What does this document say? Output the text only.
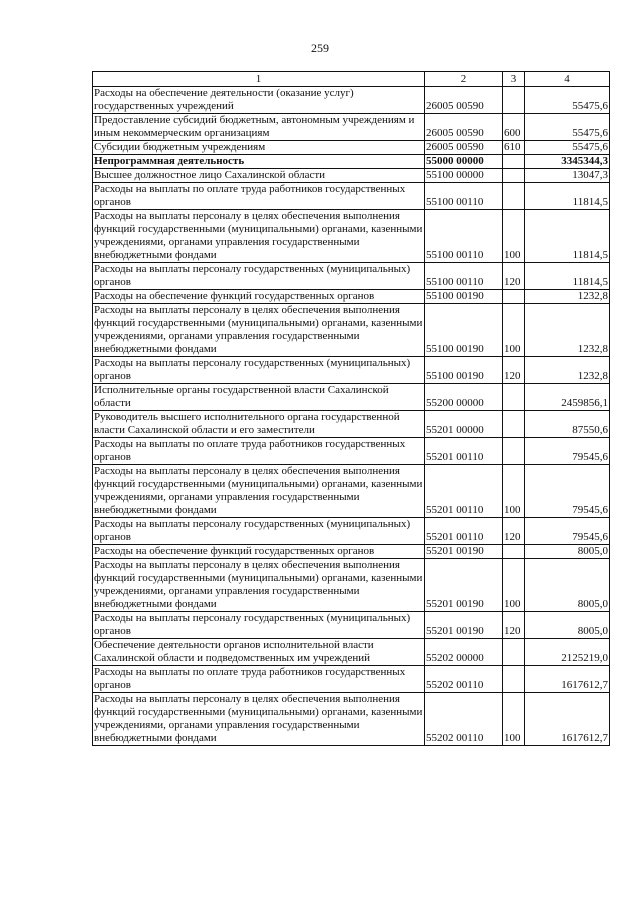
259
1	2	3	4
Расходы на обеспечение деятельности (оказание услуг) государственных учреждений	26005 00590		55475,6
Предоставление субсидий бюджетным, автономным учреждениям и иным некоммерческим организациям	26005 00590	600	55475,6
Субсидии бюджетным учреждениям	26005 00590	610	55475,6
Непрограммная деятельность	55000 00000		3345344,3
Высшее должностное лицо Сахалинской области	55100 00000		13047,3
Расходы на выплаты по оплате труда работников государственных органов	55100 00110		11814,5
Расходы на выплаты персоналу в целях обеспечения выполнения функций государственными (муниципальными) органами, казенными учреждениями, органами управления государственными внебюджетными фондами	55100 00110	100	11814,5
Расходы на выплаты персоналу государственных (муниципальных) органов	55100 00110	120	11814,5
Расходы на обеспечение функций государственных органов	55100 00190		1232,8
Расходы на выплаты персоналу в целях обеспечения выполнения функций государственными (муниципальными) органами, казенными учреждениями, органами управления государственными внебюджетными фондами	55100 00190	100	1232,8
Расходы на выплаты персоналу государственных (муниципальных) органов	55100 00190	120	1232,8
Исполнительные органы государственной власти Сахалинской области	55200 00000		2459856,1
Руководитель высшего исполнительного органа государственной власти Сахалинской области и его заместители	55201 00000		87550,6
Расходы на выплаты по оплате труда работников государственных органов	55201 00110		79545,6
Расходы на выплаты персоналу в целях обеспечения выполнения функций государственными (муниципальными) органами, казенными учреждениями, органами управления государственными внебюджетными фондами	55201 00110	100	79545,6
Расходы на выплаты персоналу государственных (муниципальных) органов	55201 00110	120	79545,6
Расходы на обеспечение функций государственных органов	55201 00190		8005,0
Расходы на выплаты персоналу в целях обеспечения выполнения функций государственными (муниципальными) органами, казенными учреждениями, органами управления государственными внебюджетными фондами	55201 00190	100	8005,0
Расходы на выплаты персоналу государственных (муниципальных) органов	55201 00190	120	8005,0
Обеспечение деятельности органов исполнительной власти Сахалинской области и подведомственных им учреждений	55202 00000		2125219,0
Расходы на выплаты по оплате труда работников государственных органов	55202 00110		1617612,7
Расходы на выплаты персоналу в целях обеспечения выполнения функций государственными (муниципальными) органами, казенными учреждениями, органами управления государственными внебюджетными фондами	55202 00110	100	1617612,7
